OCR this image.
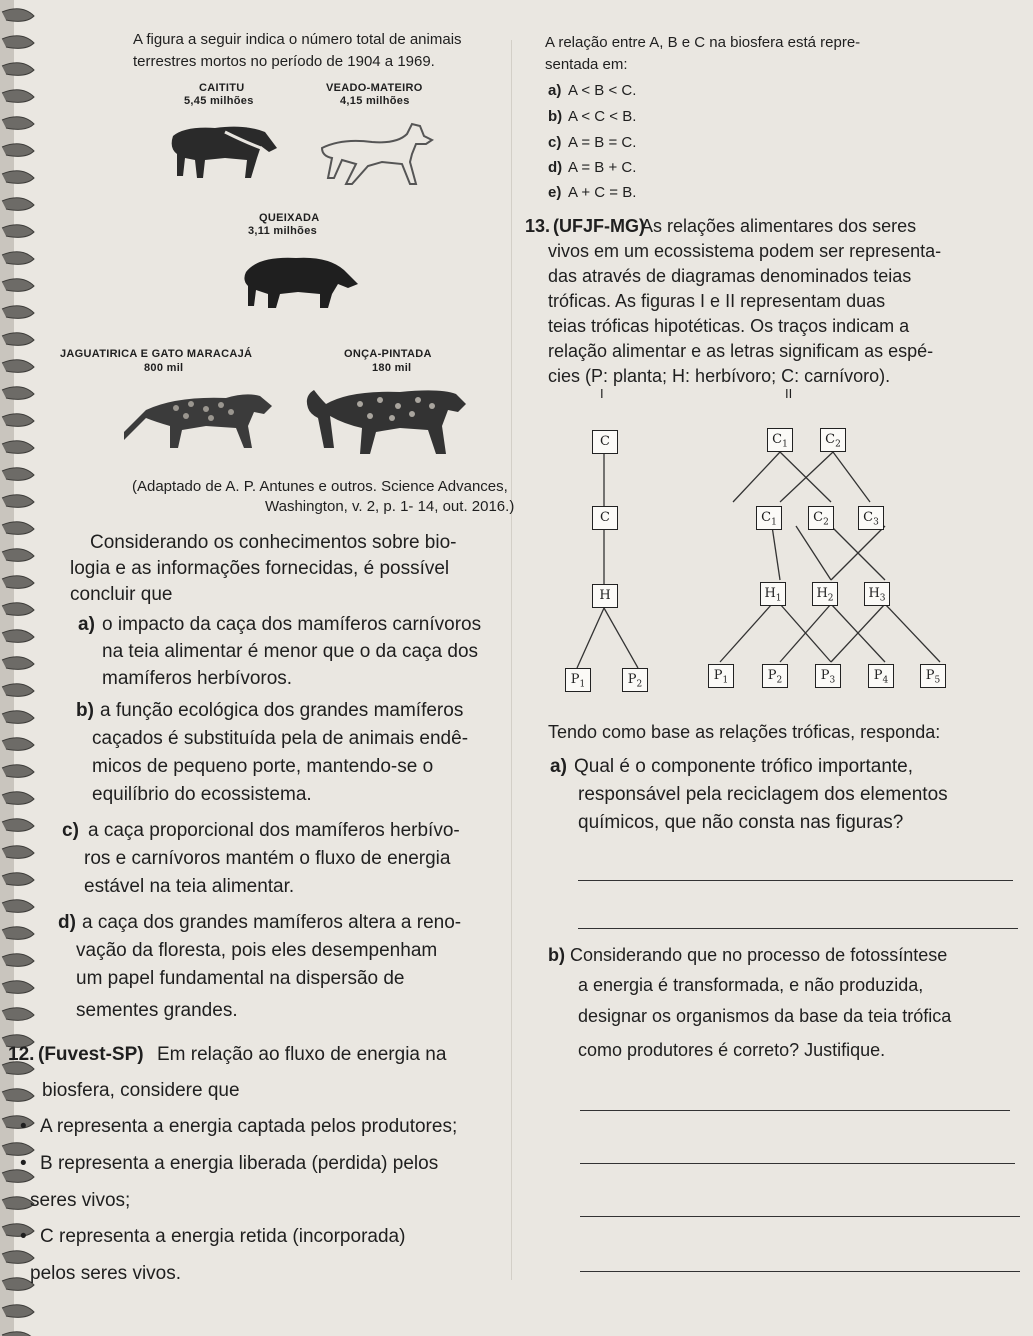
A figura a seguir indica o número total de animais
terrestres mortos no período de 1904 a 1969.
CAITITU
5,45 milhões
VEADO-MATEIRO
4,15 milhões
QUEIXADA
3,11 milhões
JAGUATIRICA E GATO MARACAJÁ
800 mil
ONÇA-PINTADA
180 mil
(Adaptado de A. P. Antunes e outros. Science Advances,
Washington, v. 2, p. 1- 14, out. 2016.)
Considerando os conhecimentos sobre bio-
logia e as informações fornecidas, é possível
concluir que
a) o impacto da caça dos mamíferos carnívoros
na teia alimentar é menor que o da caça dos
mamíferos herbívoros.
b) a função ecológica dos grandes mamíferos
caçados é substituída pela de animais endê-
micos de pequeno porte, mantendo-se o
equilíbrio do ecossistema.
c) a caça proporcional dos mamíferos herbívo-
ros e carnívoros mantém o fluxo de energia
estável na teia alimentar.
d) a caça dos grandes mamíferos altera a reno-
vação da floresta, pois eles desempenham
um papel fundamental na dispersão de
sementes grandes.
12. (Fuvest-SP) Em relação ao fluxo de energia na
biosfera, considere que
• A representa a energia captada pelos produtores;
• B representa a energia liberada (perdida) pelos
seres vivos;
• C representa a energia retida (incorporada)
pelos seres vivos.
A relação entre A, B e C na biosfera está repre-
sentada em:
a) A < B < C.
b) A < C < B.
c) A = B = C.
d) A = B + C.
e) A + C = B.
13. (UFJF-MG)
As relações alimentares dos seres
vivos em um ecossistema podem ser representa-
das através de diagramas denominados teias
tróficas. As figuras I e II representam duas
teias tróficas hipotéticas. Os traços indicam a
relação alimentar e as letras significam as espé-
cies (P: planta; H: herbívoro; C: carnívoro).
I	II
C
C
H
$P_1$	$P_2$
$C_1$	$C_2$
$C_1$	$C_2$	$C_3$
$H_1$	$H_2$	$H_3$
$P_1$	$P_2$	$P_3$	$P_4$	$P_5$
Tendo como base as relações tróficas, responda:
a) Qual é o componente trófico importante,
responsável pela reciclagem dos elementos
químicos, que não consta nas figuras?
b) Considerando que no processo de fotossíntese
a energia é transformada, e não produzida,
designar os organismos da base da teia trófica
como produtores é correto? Justifique.
